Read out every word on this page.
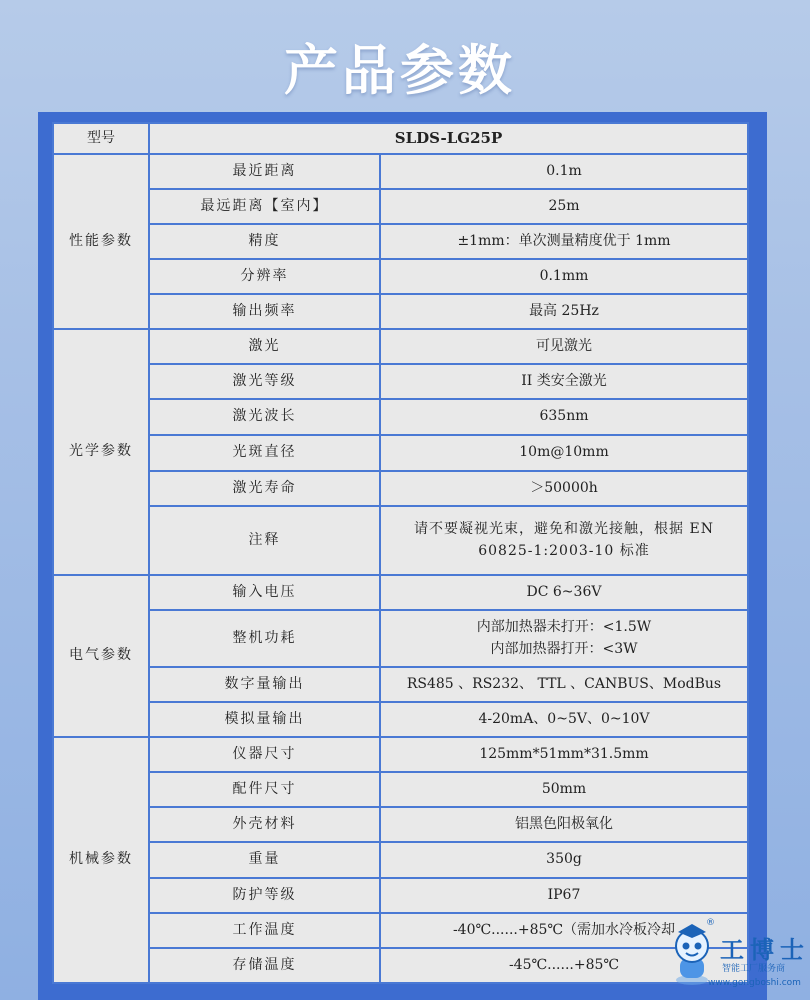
产品参数
型号	SLDS-LG25P	
性能参数	最近距离	0.1m
	最远距离【室内】	25m
	精度	±1mm：单次测量精度优于 1mm
	分辨率	0.1mm
	输出频率	最高 25Hz
光学参数	激光	可见激光
	激光等级	II 类安全激光
	激光波长	635nm
	光斑直径	10m@10mm
	激光寿命	＞50000h
	注释	请不要凝视光束，避免和激光接触，根据 EN
60825-1:2003-10 标准

电气参数	输入电压	DC 6~36V
	整机功耗	内部加热器未打开：<1.5W
内部加热器打开：<3W

	数字量输出	RS485 、RS232、 TTL 、CANBUS、ModBus
	模拟量输出	4-20mA、0~5V、0~10V
机械参数	仪器尺寸	125mm*51mm*31.5mm
	配件尺寸	50mm
	外壳材料	铝黑色阳极氧化
	重量	350g
	防护等级	IP67
	工作温度	-40℃......+85℃（需加水冷板冷却
	存储温度	-45℃......+85℃
工博士
®
智能工厂服务商
www.gongboshi.com
